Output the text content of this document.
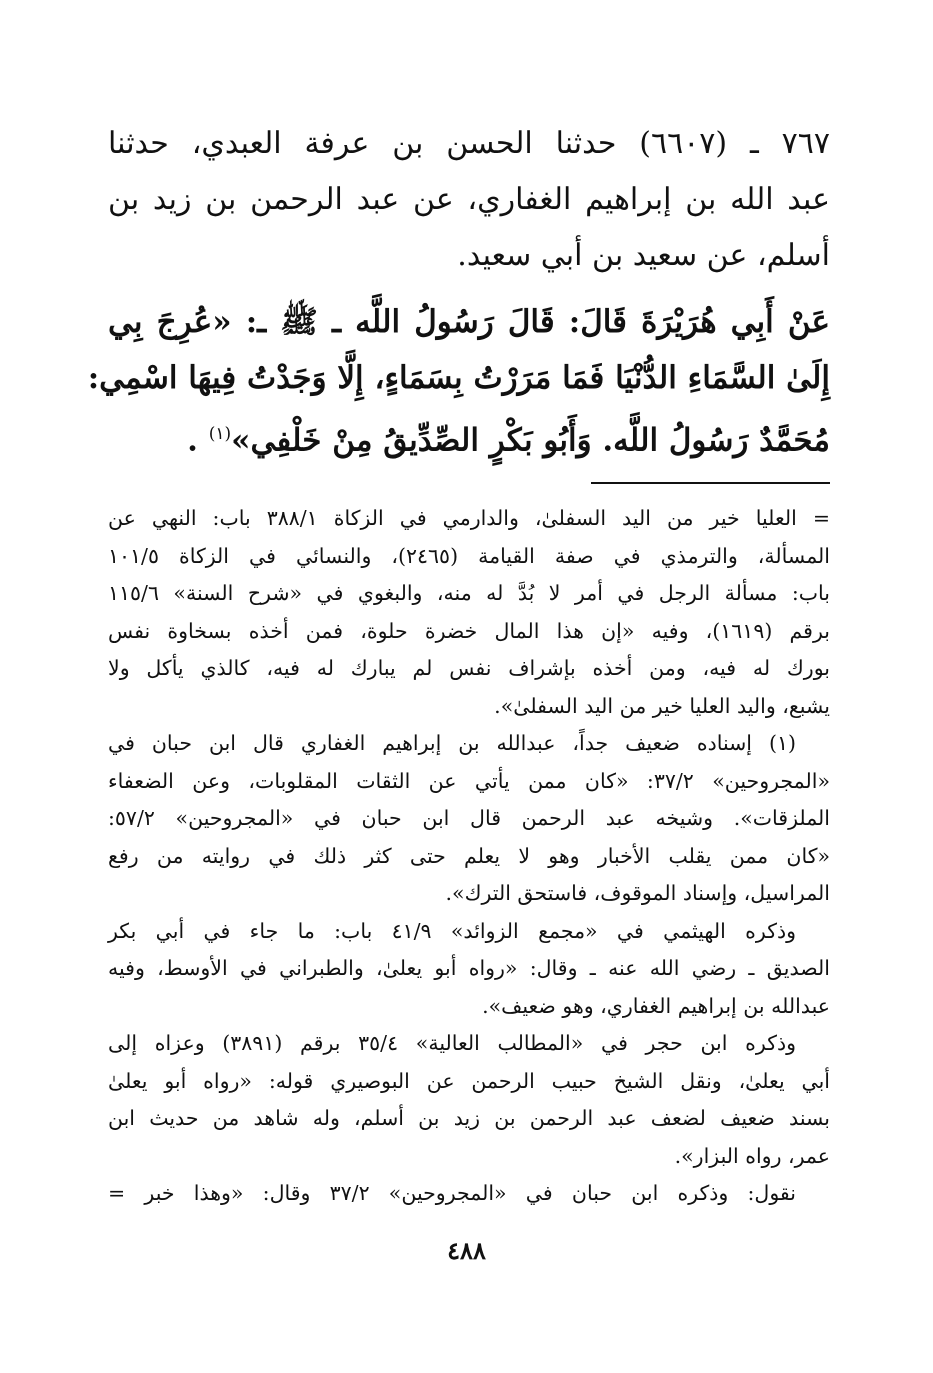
٧٦٧ ـ (٦٦٠٧) حدثنا الحسن بن عرفة العبدي، حدثنا
عبد الله بن إبراهيم الغفاري، عن عبد الرحمن بن زيد بن
أسلم، عن سعيد بن أبي سعيد.
عَنْ أَبِي هُرَيْرَةَ قَالَ: قَالَ رَسُولُ اللَّه ـ ﷺ ـ: «عُرِجَ بِي
إِلَىٰ السَّمَاءِ الدُّنْيَا فَمَا مَرَرْتُ بِسَمَاءٍ، إِلَّا وَجَدْتُ فِيهَا اسْمِي:
مُحَمَّدٌ رَسُولُ اللَّه. وَأَبُو بَكْرٍ الصِّدِّيقُ مِنْ خَلْفِي»$^{(١)}$ .
= العليا خير من اليد السفلىٰ، والدارمي في الزكاة ٣٨٨/١ باب: النهي عن
المسألة، والترمذي في صفة القيامة (٢٤٦٥)، والنسائي في الزكاة ١٠١/٥
باب: مسألة الرجل في أمر لا بُدَّ له منه، والبغوي في «شرح السنة» ١١٥/٦
برقم (١٦١٩)، وفيه «إن هذا المال خضرة حلوة، فمن أخذه بسخاوة نفس
بورك له فيه، ومن أخذه بإشراف نفس لم يبارك له فيه، كالذي يأكل ولا
يشبع، واليد العليا خير من اليد السفلىٰ».
(١) إسناده ضعيف جداً، عبدالله بن إبراهيم الغفاري قال ابن حبان في
«المجروحين» ٣٧/٢: «كان ممن يأتي عن الثقات المقلوبات، وعن الضعفاء
الملزقات». وشيخه عبد الرحمن قال ابن حبان في «المجروحين» ٥٧/٢:
«كان ممن يقلب الأخبار وهو لا يعلم حتى كثر ذلك في روايته من رفع
المراسيل، وإسناد الموقوف، فاستحق الترك».
وذكره الهيثمي في «مجمع الزوائد» ٤١/٩ باب: ما جاء في أبي بكر
الصديق ـ رضي الله عنه ـ وقال: «رواه أبو يعلىٰ، والطبراني في الأوسط، وفيه
عبدالله بن إبراهيم الغفاري، وهو ضعيف».
وذكره ابن حجر في «المطالب العالية» ٣٥/٤ برقم (٣٨٩١) وعزاه إلى
أبي يعلىٰ، ونقل الشيخ حبيب الرحمن عن البوصيري قوله: «رواه أبو يعلىٰ
بسند ضعيف لضعف عبد الرحمن بن زيد بن أسلم، وله شاهد من حديث ابن
عمر، رواه البزار».
نقول: وذكره ابن حبان في «المجروحين» ٣٧/٢ وقال: «وهذا خبر =
٤٨٨
